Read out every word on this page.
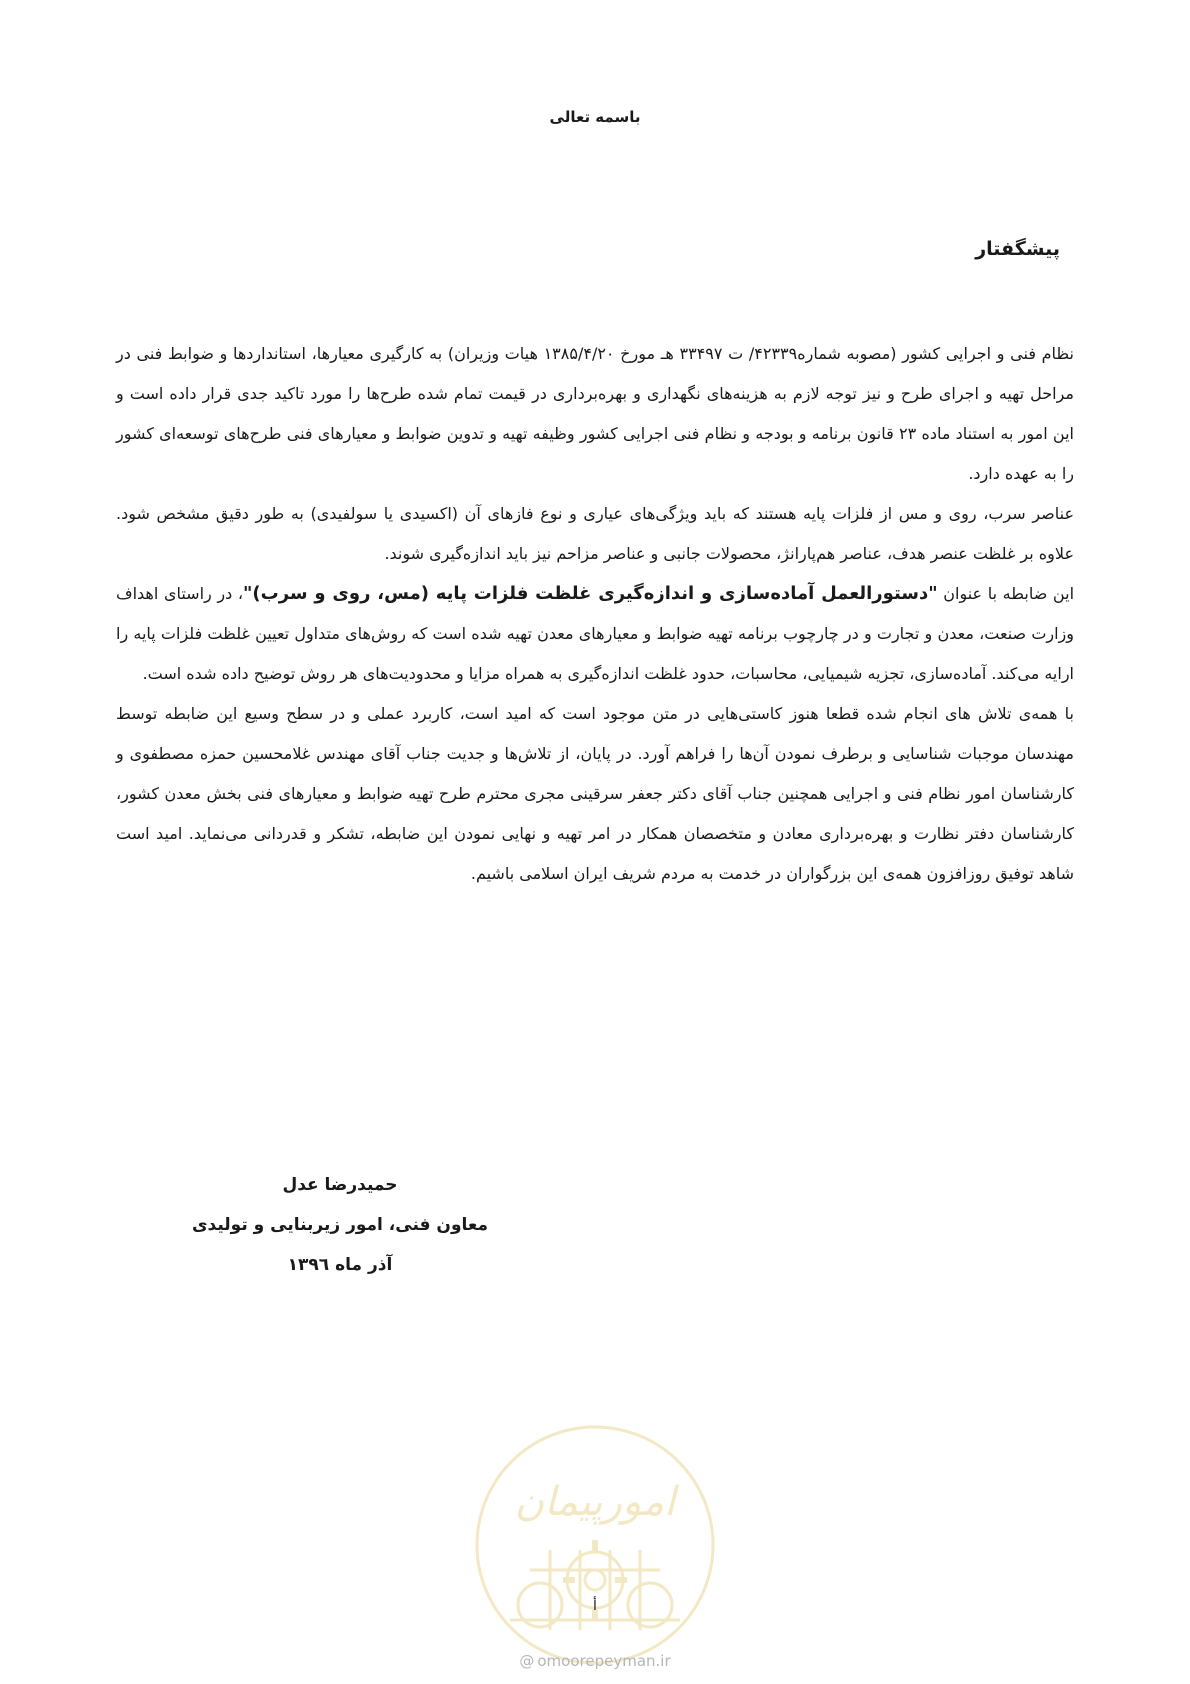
باسمه تعالی
پیشگفتار

نظام فنی و اجرایی کشور (مصوبه شماره۴۲۳۳۹/ ت ۳۳۴۹۷ هـ مورخ ۱۳۸۵/۴/۲۰ هیات وزیران) به کارگیری معیارها، استانداردها و ضوابط فنی در مراحل تهیه و اجرای طرح و نیز توجه لازم به هزینه‌های نگهداری و بهره‌برداری در قیمت تمام شده طرح‌ها را مورد تاکید جدی قرار داده است و این امور به استناد ماده ۲۳ قانون برنامه و بودجه و نظام فنی اجرایی کشور وظیفه تهیه و تدوین ضوابط و معیارهای فنی طرح‌های توسعه‌ای کشور را به عهده دارد.

عناصر سرب، روی و مس از فلزات پایه هستند که باید ویژگی‌های عیاری و نوع فازهای آن (اکسیدی یا سولفیدی) به طور دقیق مشخص شود. علاوه بر غلظت عنصر هدف، عناصر هم‌پارانژ، محصولات جانبی و عناصر مزاحم نیز باید اندازه‌گیری شوند.

این ضابطه با عنوان "دستورالعمل آماده‌سازی و اندازه‌گیری غلظت فلزات پایه (مس، روی و سرب)"، در راستای اهداف وزارت صنعت، معدن و تجارت و در چارچوب برنامه تهیه ضوابط و معیارهای معدن تهیه شده است که روش‌های متداول تعیین غلظت فلزات پایه را ارایه می‌کند. آماده‌سازی، تجزیه شیمیایی، محاسبات، حدود غلظت اندازه‌گیری به همراه مزایا و محدودیت‌های هر روش توضیح داده شده است.

با همه‌ی تلاش های انجام شده قطعا هنوز کاستی‌هایی در متن موجود است که امید است، کاربرد عملی و در سطح وسیع این ضابطه توسط مهندسان موجبات شناسایی و برطرف نمودن آن‌ها را فراهم آورد. در پایان، از تلاش‌ها و جدیت جناب آقای مهندس غلامحسین حمزه مصطفوی و کارشناسان امور نظام فنی و اجرایی همچنین جناب آقای دکتر جعفر سرقینی مجری محترم طرح تهیه ضوابط و معیارهای فنی بخش معدن کشور، کارشناسان دفتر نظارت و بهره‌برداری معادن و متخصصان همکار در امر تهیه و نهایی نمودن این ضابطه، تشکر و قدردانی می‌نماید. امید است شاهد توفیق روزافزون همه‌ی این بزرگواران در خدمت به مردم شریف ایران اسلامی باشیم.

حمیدرضا عدل
معاون فنی، امور زیربنایی و تولیدی
آذر ماه ۱۳۹٦
امورپیمان
أ
@ omoorepeyman.ir
